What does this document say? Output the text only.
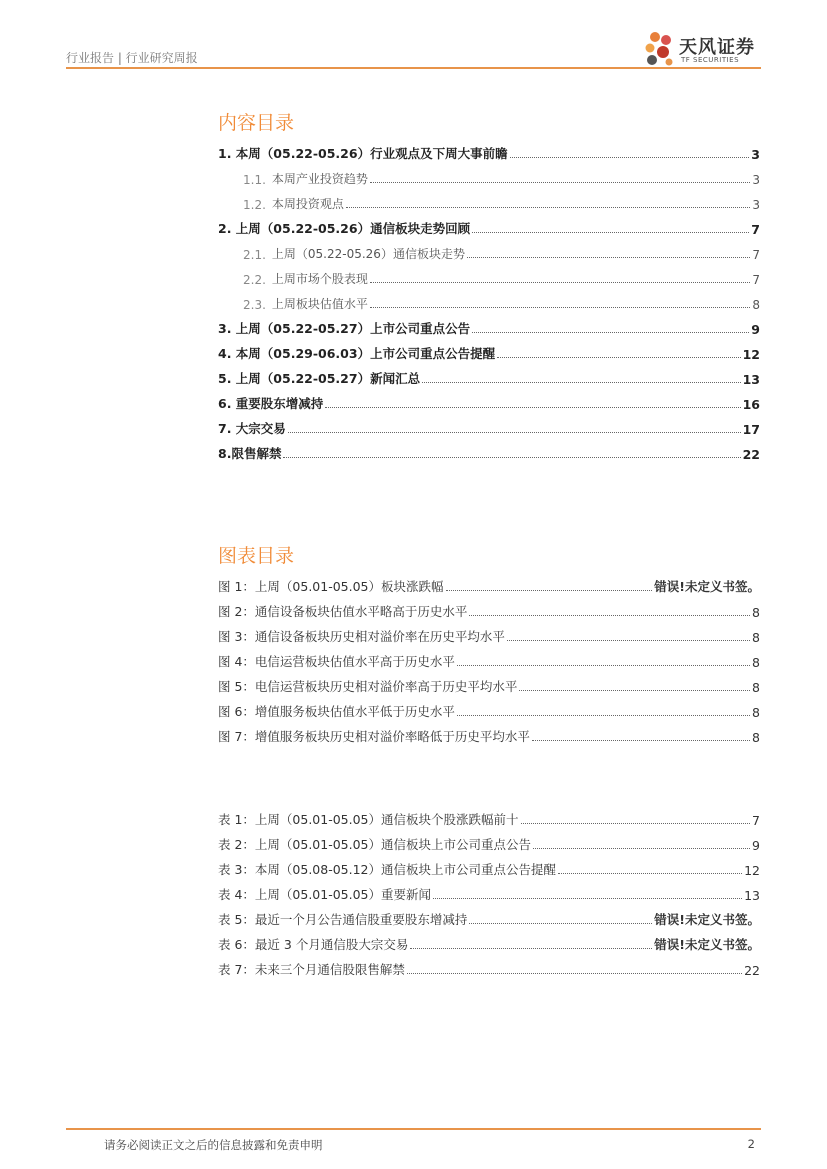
行业报告 | 行业研究周报	天风证券
TF SECURITIES
内容目录
1. 本周（05.22-05.26）行业观点及下周大事前瞻	3
1.1. 本周产业投资趋势	3
1.2. 本周投资观点	3
2. 上周（05.22-05.26）通信板块走势回顾	7
2.1. 上周（05.22-05.26）通信板块走势	7
2.2. 上周市场个股表现	7
2.3. 上周板块估值水平	8
3. 上周（05.22-05.27）上市公司重点公告	9
4. 本周（05.29-06.03）上市公司重点公告提醒	12
5. 上周（05.22-05.27）新闻汇总	13
6. 重要股东增减持	16
7. 大宗交易	17
8.限售解禁	22
图表目录
图 1：上周（05.01-05.05）板块涨跌幅	错误!未定义书签。
图 2：通信设备板块估值水平略高于历史水平	8
图 3：通信设备板块历史相对溢价率在历史平均水平	8
图 4：电信运营板块估值水平高于历史水平	8
图 5：电信运营板块历史相对溢价率高于历史平均水平	8
图 6：增值服务板块估值水平低于历史水平	8
图 7：增值服务板块历史相对溢价率略低于历史平均水平	8
表 1：上周（05.01-05.05）通信板块个股涨跌幅前十	7
表 2：上周（05.01-05.05）通信板块上市公司重点公告	9
表 3：本周（05.08-05.12）通信板块上市公司重点公告提醒	12
表 4：上周（05.01-05.05）重要新闻	13
表 5：最近一个月公告通信股重要股东增减持	错误!未定义书签。
表 6：最近 3 个月通信股大宗交易	错误!未定义书签。
表 7：未来三个月通信股限售解禁	22
请务必阅读正文之后的信息披露和免责申明	2
